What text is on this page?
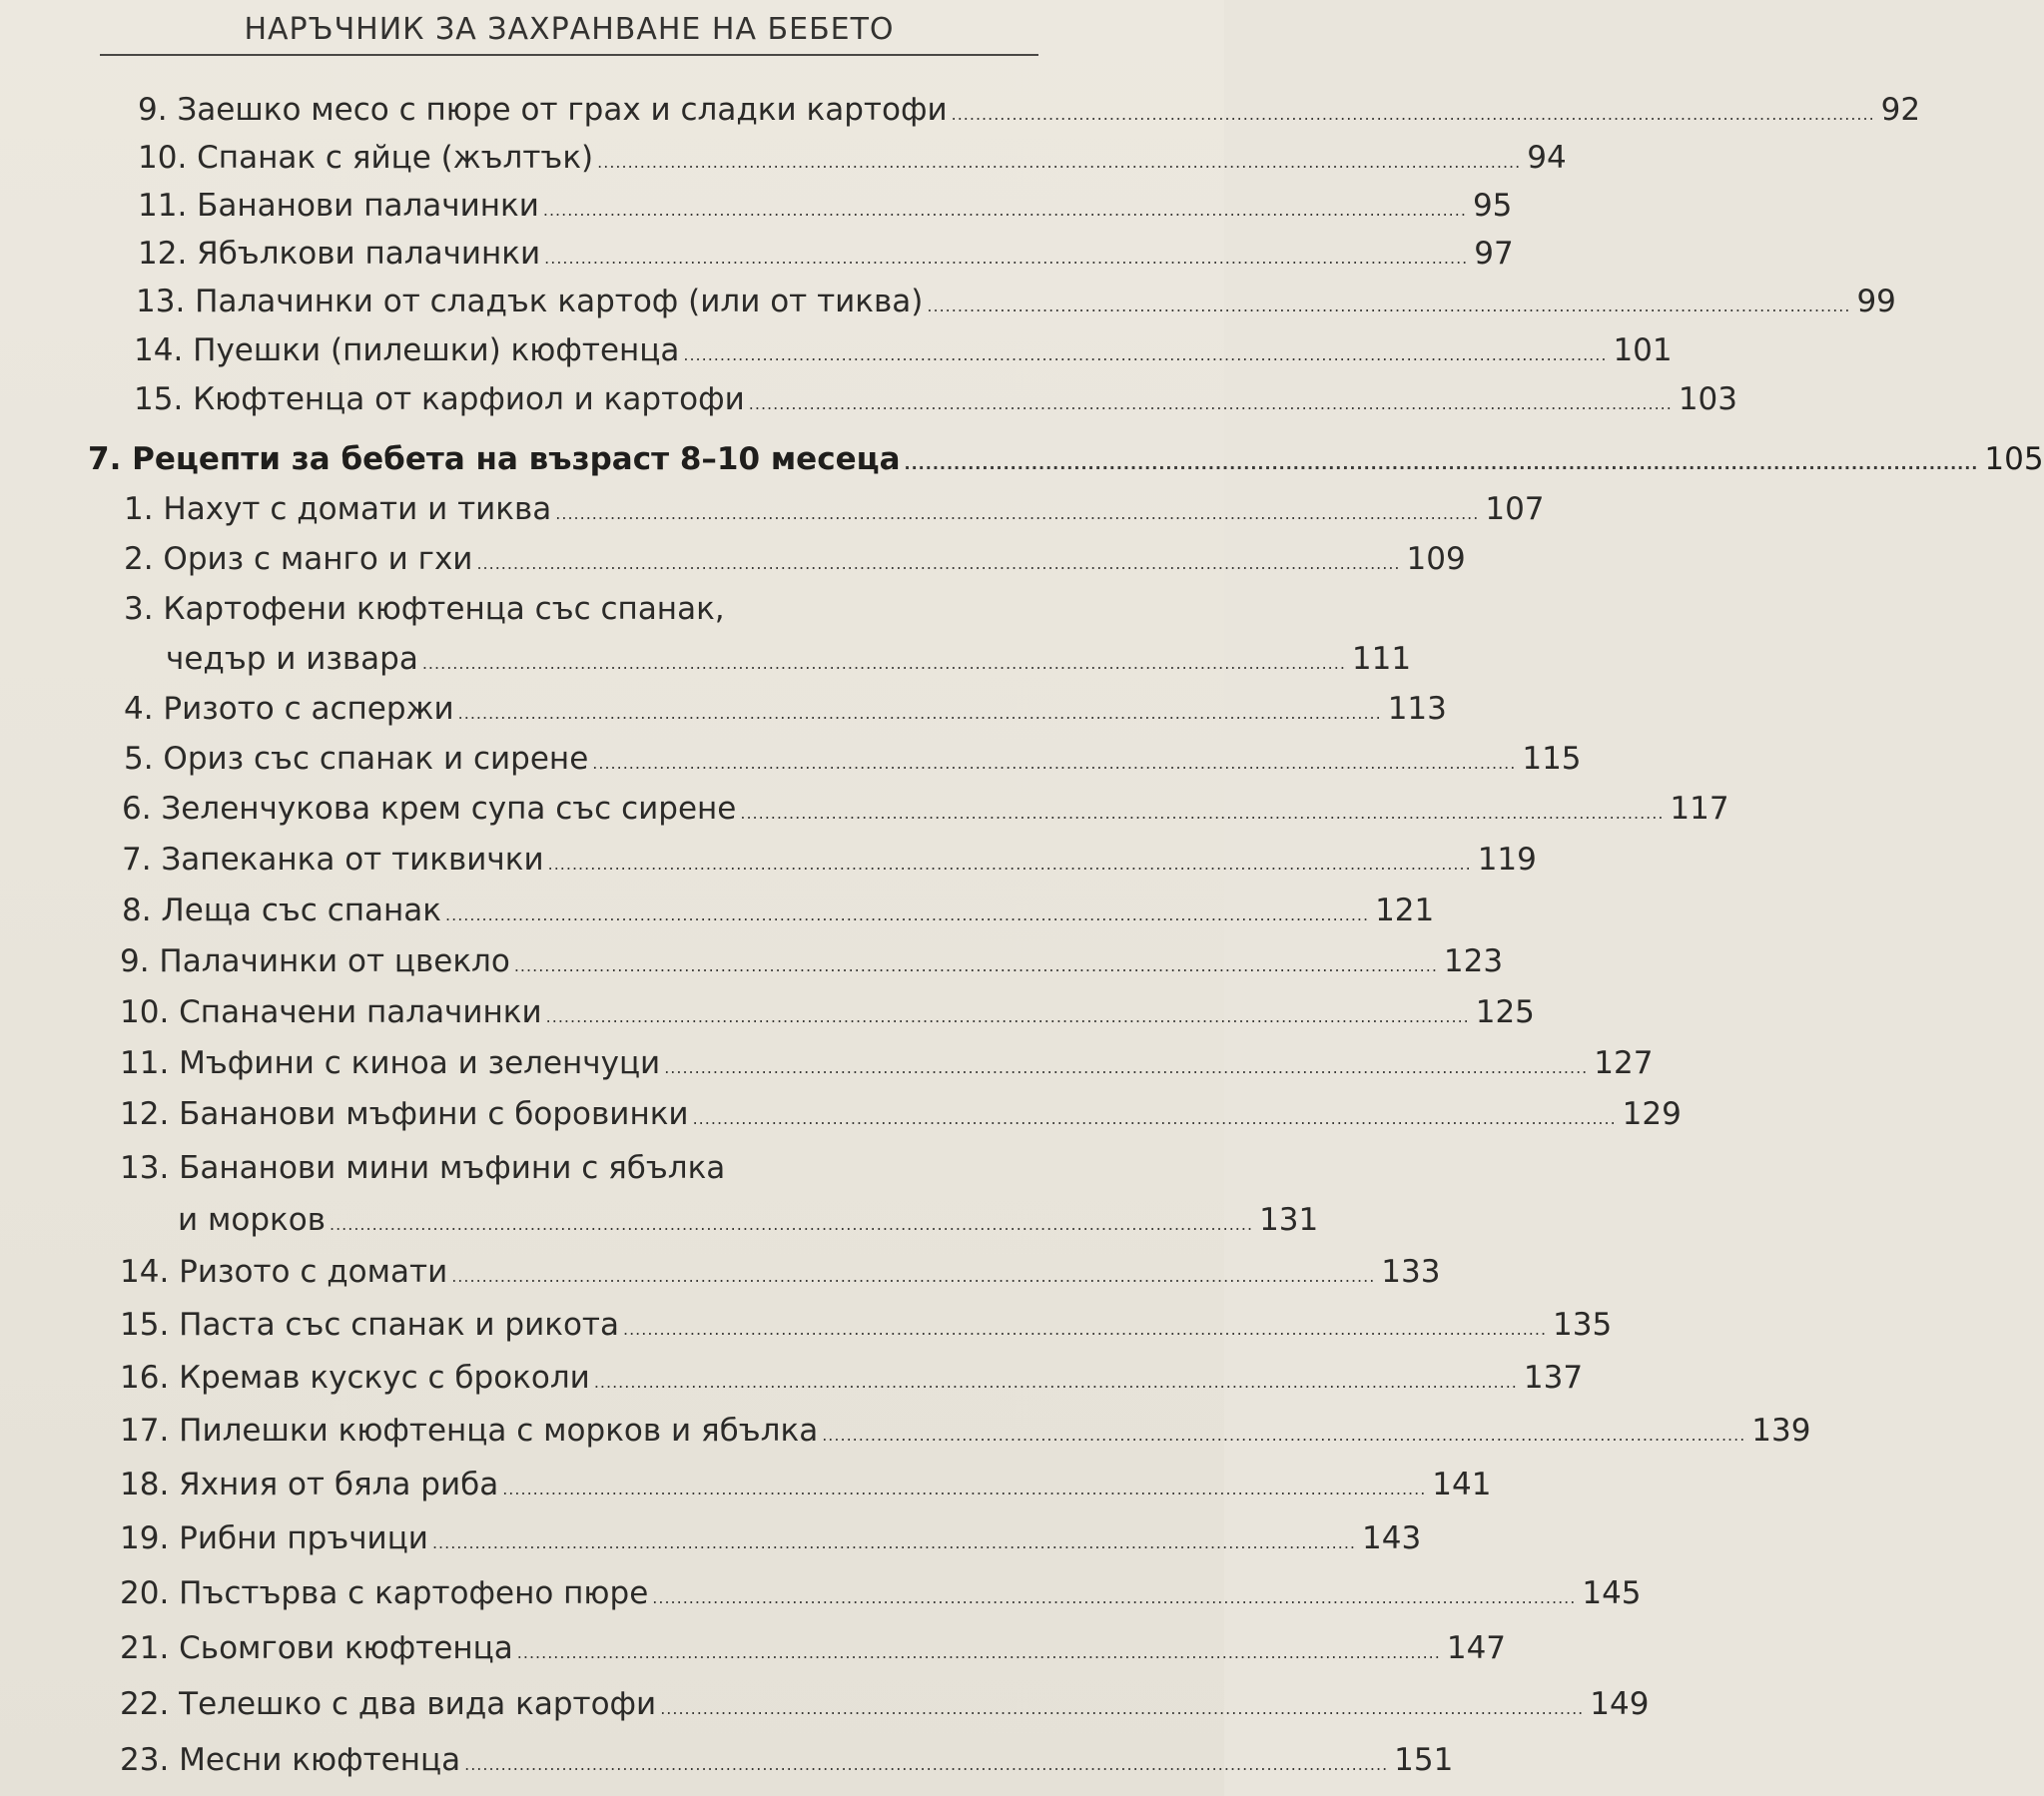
НАРЪЧНИК ЗА ЗАХРАНВАНЕ НА БЕБЕТО
9. Заешко месо с пюре от грах и сладки картофи ........................................................................................................................................................ 92
10. Спанак с яйце (жълтък) ........................................................................................................................................................ 94
11. Бананови палачинки ........................................................................................................................................................ 95
12. Ябълкови палачинки ........................................................................................................................................................ 97
13. Палачинки от сладък картоф (или от тиква) ........................................................................................................................................................ 99
14. Пуешки (пилешки) кюфтенца ........................................................................................................................................................ 101
15. Кюфтенца от карфиол и картофи ........................................................................................................................................................ 103
7. Рецепти за бебета на възраст 8–10 месеца ........................................................................................................................................................ 105
1. Нахут с домати и тиква ........................................................................................................................................................ 107
2. Ориз с манго и гхи ........................................................................................................................................................ 109
3. Картофени кюфтенца със спанак,
чедър и извара ........................................................................................................................................................ 111
4. Ризото с аспержи ........................................................................................................................................................ 113
5. Ориз със спанак и сирене ........................................................................................................................................................ 115
6. Зеленчукова крем супа със сирене ........................................................................................................................................................ 117
7. Запеканка от тиквички ........................................................................................................................................................ 119
8. Леща със спанак ........................................................................................................................................................ 121
9. Палачинки от цвекло ........................................................................................................................................................ 123
10. Спаначени палачинки ........................................................................................................................................................ 125
11. Мъфини с киноа и зеленчуци ........................................................................................................................................................ 127
12. Бананови мъфини с боровинки ........................................................................................................................................................ 129
13. Бананови мини мъфини с ябълка
и морков ........................................................................................................................................................ 131
14. Ризото с домати ........................................................................................................................................................ 133
15. Паста със спанак и рикота ........................................................................................................................................................ 135
16. Кремав кускус с броколи ........................................................................................................................................................ 137
17. Пилешки кюфтенца с морков и ябълка ........................................................................................................................................................ 139
18. Яхния от бяла риба ........................................................................................................................................................ 141
19. Рибни пръчици ........................................................................................................................................................ 143
20. Пъстърва с картофено пюре ........................................................................................................................................................ 145
21. Сьомгови кюфтенца ........................................................................................................................................................ 147
22. Телешко с два вида картофи ........................................................................................................................................................ 149
23. Месни кюфтенца ........................................................................................................................................................ 151
